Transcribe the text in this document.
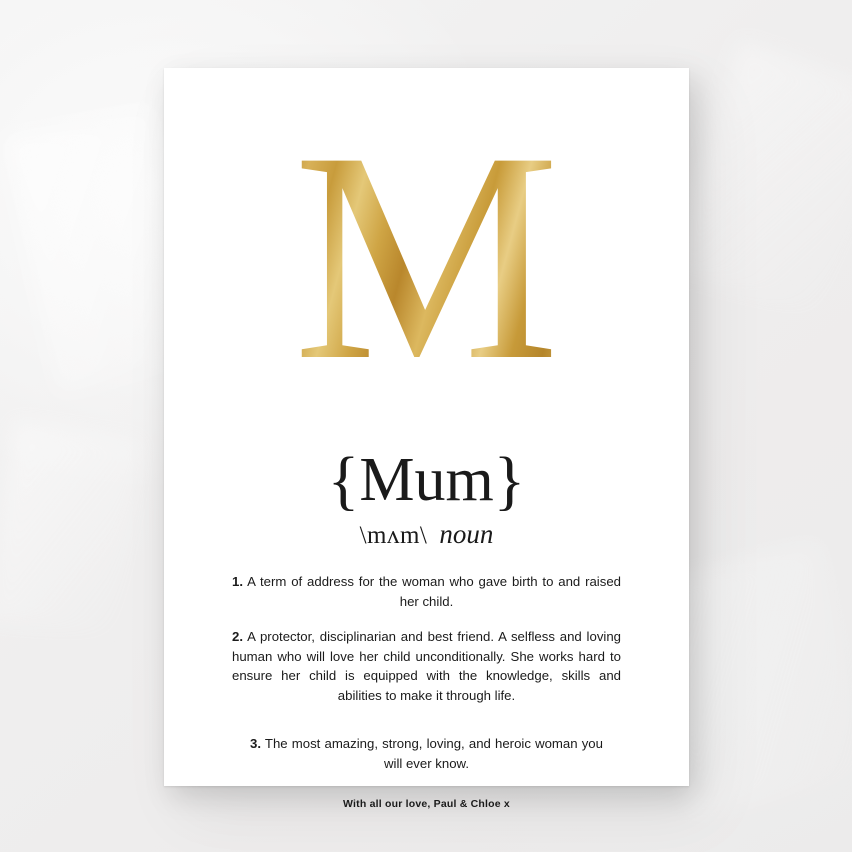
M
{Mum}
\mʌm\ noun

1. A term of address for the woman who gave birth to and raised her child.

2. A protector, disciplinarian and best friend. A selfless and loving human who will love her child unconditionally. She works hard to ensure her child is equipped with the knowledge, skills and abilities to make it through life.

3. The most amazing, strong, loving, and heroic woman you will ever know.

With all our love, Paul & Chloe x
